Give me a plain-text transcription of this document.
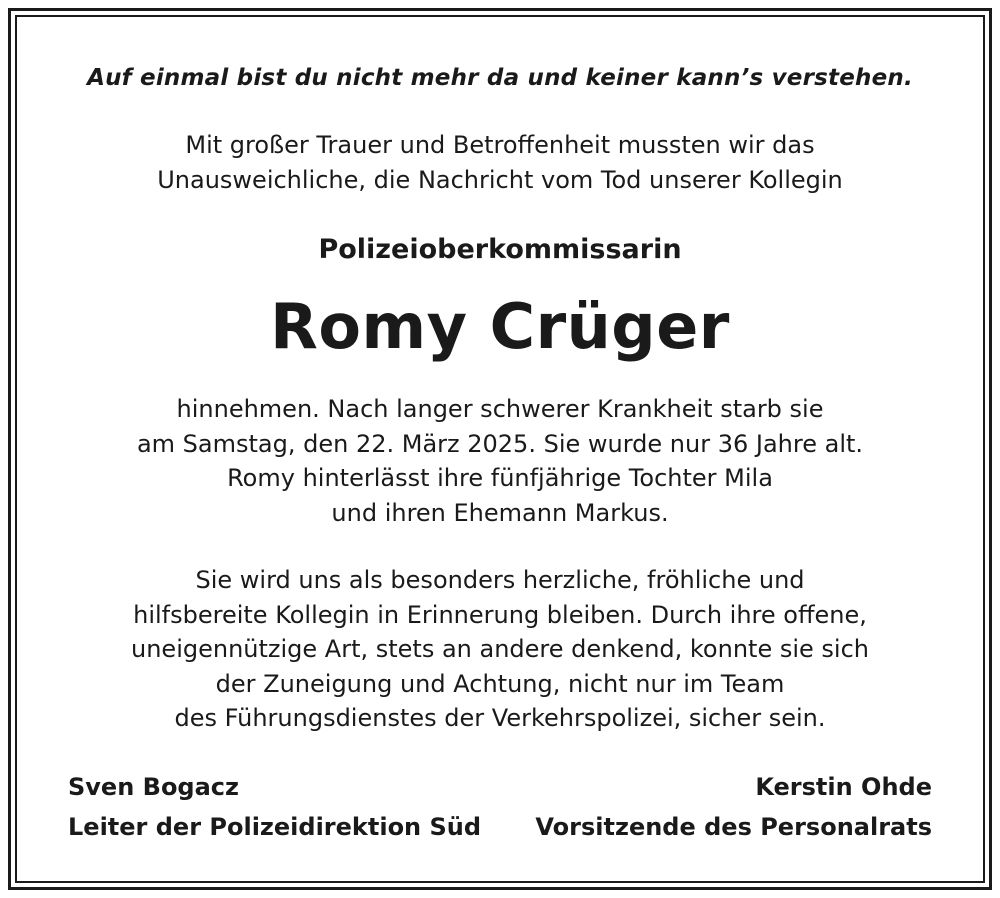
Auf einmal bist du nicht mehr da und keiner kann’s verstehen.
Mit großer Trauer und Betroffenheit mussten wir das
Unausweichliche, die Nachricht vom Tod unserer Kollegin
Polizeioberkommissarin
Romy Crüger
hinnehmen. Nach langer schwerer Krankheit starb sie
am Samstag, den 22. März 2025. Sie wurde nur 36 Jahre alt.
Romy hinterlässt ihre fünfjährige Tochter Mila
und ihren Ehemann Markus.
Sie wird uns als besonders herzliche, fröhliche und
hilfsbereite Kollegin in Erinnerung bleiben. Durch ihre offene,
uneigennützige Art, stets an andere denkend, konnte sie sich
der Zuneigung und Achtung, nicht nur im Team
des Führungsdienstes der Verkehrspolizei, sicher sein.
Sven Bogacz
Leiter der Polizeidirektion Süd
Kerstin Ohde
Vorsitzende des Personalrats
